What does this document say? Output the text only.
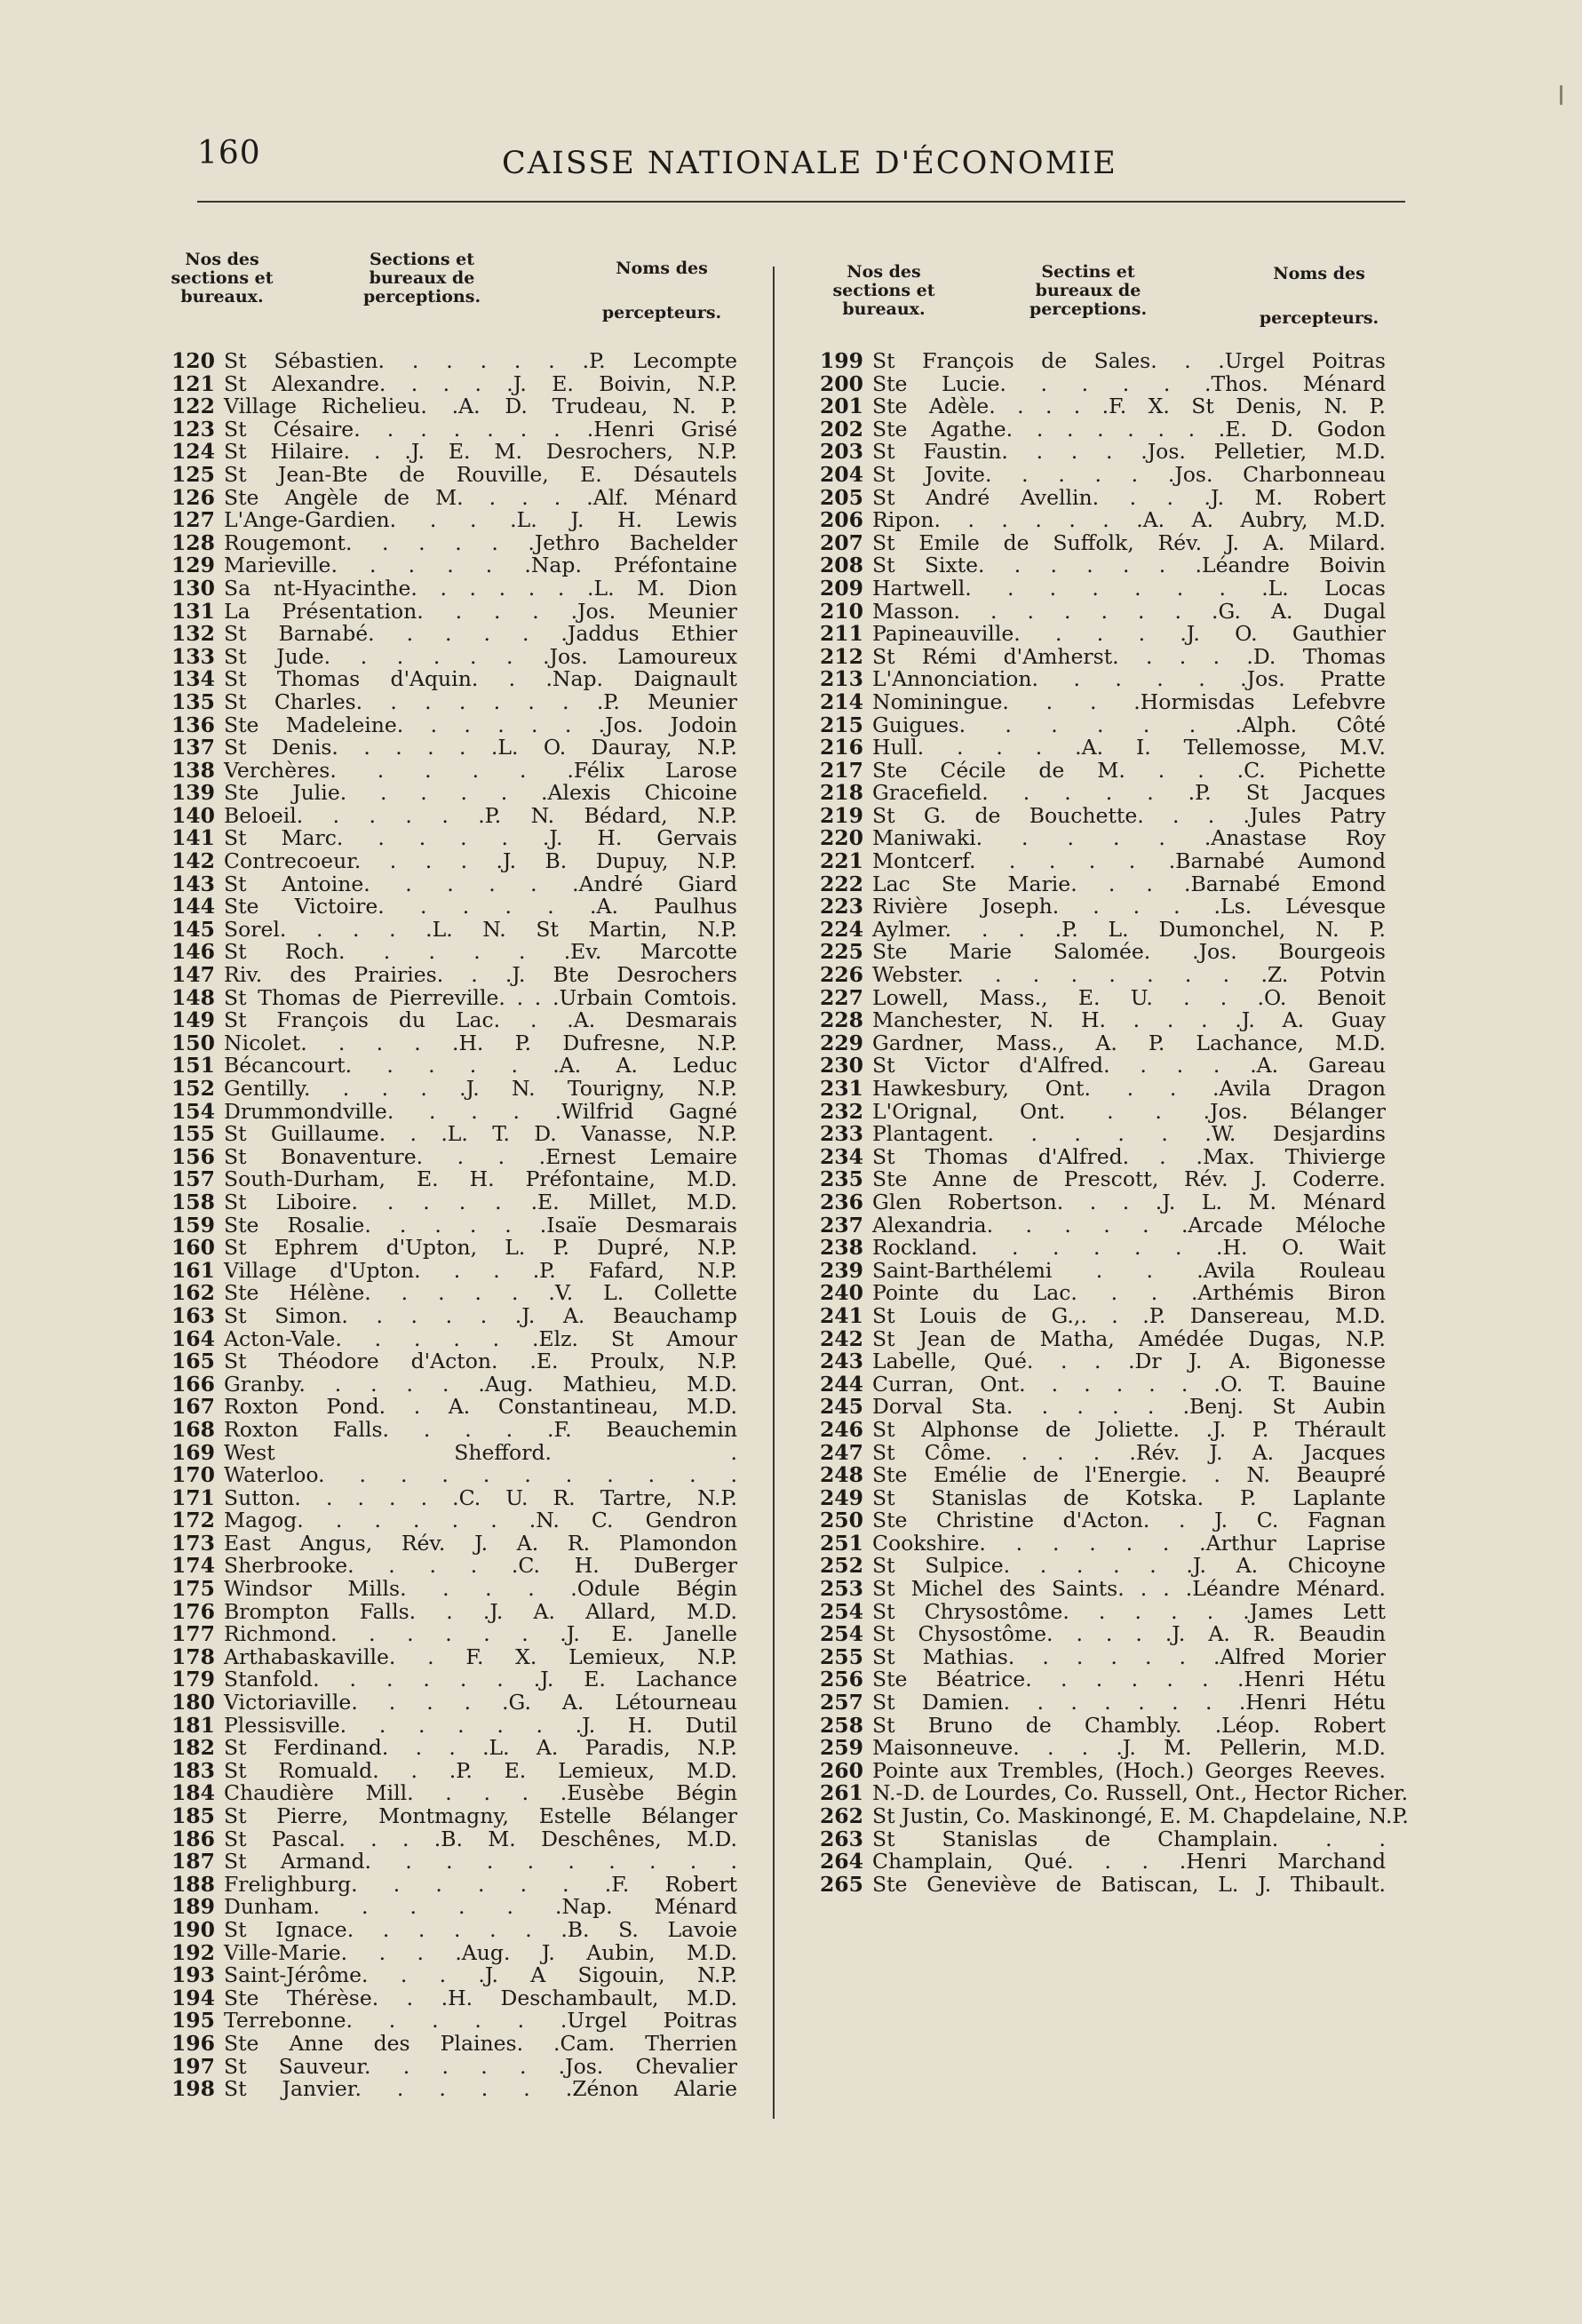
160	CAISSE NATIONALE D'ÉCONOMIE
Nos des sections et bureaux.
Sections et bureaux de perceptions.
Noms des
percepteurs.
120 St Sébastien. . . . . . .P. Lecompte
121 St Alexandre. . . . .J. E. Boivin, N.P.
122 Village Richelieu. .A. D. Trudeau, N. P.
123 St Césaire. . . . . . . .Henri Grisé
124 St Hilaire. . .J. E. M. Desrochers, N.P.
125 St Jean-Bte de Rouville, E. Désautels
126 Ste Angèle de M. . . . .Alf. Ménard
127 L'Ange-Gardien. . . .L. J. H. Lewis
128 Rougemont. . . . . .Jethro Bachelder
129 Marieville. . . . . .Nap. Préfontaine
130 Sa nt-Hyacinthe. . . . . . .L. M. Dion
131 La Présentation. . . . .Jos. Meunier
132 St Barnabé. . . . . .Jaddus Ethier
133 St Jude. . . . . . .Jos. Lamoureux
134 St Thomas d'Aquin. . .Nap. Daignault
135 St Charles. . . . . . . .P. Meunier
136 Ste Madeleine. . . . . . .Jos. Jodoin
137 St Denis. . . . . .L. O. Dauray, N.P.
138 Verchères. . . . . .Félix Larose
139 Ste Julie. . . . . .Alexis Chicoine
140 Beloeil. . . . . .P. N. Bédard, N.P.
141 St Marc. . . . . .J. H. Gervais
142 Contrecoeur. . . . .J. B. Dupuy, N.P.
143 St Antoine. . . . . .André Giard
144 Ste Victoire. . . . . .A. Paulhus
145 Sorel. . . . .L. N. St Martin, N.P.
146 St Roch. . . . . .Ev. Marcotte
147 Riv. des Prairies. . .J. Bte Desrochers
148 St Thomas de Pierreville. . . .Urbain Comtois.
149 St François du Lac. . .A. Desmarais
150 Nicolet. . . . .H. P. Dufresne, N.P.
151 Bécancourt. . . . . .A. A. Leduc
152 Gentilly. . . . .J. N. Tourigny, N.P.
154 Drummondville. . . . .Wilfrid Gagné
155 St Guillaume. . .L. T. D. Vanasse, N.P.
156 St Bonaventure. . . .Ernest Lemaire
157 South-Durham, E. H. Préfontaine, M.D.
158 St Liboire. . . . . .E. Millet, M.D.
159 Ste Rosalie. . . . . .Isaïe Desmarais
160 St Ephrem d'Upton, L. P. Dupré, N.P.
161 Village d'Upton. . . .P. Fafard, N.P.
162 Ste Hélène. . . . . .V. L. Collette
163 St Simon. . . . . .J. A. Beauchamp
164 Acton-Vale. . . . . .Elz. St Amour
165 St Théodore d'Acton. .E. Proulx, N.P.
166 Granby. . . . . .Aug. Mathieu, M.D.
167 Roxton Pond. . A. Constantineau, M.D.
168 Roxton Falls. . . . .F. Beauchemin
169 West Shefford. .
170 Waterloo. . . . . . . . . . .
171 Sutton. . . . . .C. U. R. Tartre, N.P.
172 Magog. . . . . . .N. C. Gendron
173 East Angus, Rév. J. A. R. Plamondon
174 Sherbrooke. . . . .C. H. DuBerger
175 Windsor Mills. . . . .Odule Bégin
176 Brompton Falls. . .J. A. Allard, M.D.
177 Richmond. . . . . . .J. E. Janelle
178 Arthabaskaville. . F. X. Lemieux, N.P.
179 Stanfold. . . . . . .J. E. Lachance
180 Victoriaville. . . . .G. A. Létourneau
181 Plessisville. . . . . . .J. H. Dutil
182 St Ferdinand. . . .L. A. Paradis, N.P.
183 St Romuald. . .P. E. Lemieux, M.D.
184 Chaudière Mill. . . . .Eusèbe Bégin
185 St Pierre, Montmagny, Estelle Bélanger
186 St Pascal. . . .B. M. Deschênes, M.D.
187 St Armand. . . . . . . . . .
188 Frelighburg. . . . . . .F. Robert
189 Dunham. . . . . .Nap. Ménard
190 St Ignace. . . . . . .B. S. Lavoie
192 Ville-Marie. . . .Aug. J. Aubin, M.D.
193 Saint-Jérôme. . . .J. A Sigouin, N.P.
194 Ste Thérèse. . .H. Deschambault, M.D.
195 Terrebonne. . . . . .Urgel Poitras
196 Ste Anne des Plaines. .Cam. Therrien
197 St Sauveur. . . . . .Jos. Chevalier
198 St Janvier. . . . . .Zénon Alarie
Nos des sections et bureaux.
Sectins et bureaux de perceptions.
Noms des
percepteurs.
199 St François de Sales. . .Urgel Poitras
200 Ste Lucie. . . . . .Thos. Ménard
201 Ste Adèle. . . . .F. X. St Denis, N. P.
202 Ste Agathe. . . . . . . .E. D. Godon
203 St Faustin. . . . .Jos. Pelletier, M.D.
204 St Jovite. . . . . .Jos. Charbonneau
205 St André Avellin. . . .J. M. Robert
206 Ripon. . . . . . .A. A. Aubry, M.D.
207 St Emile de Suffolk, Rév. J. A. Milard.
208 St Sixte. . . . . . .Léandre Boivin
209 Hartwell. . . . . . . .L. Locas
210 Masson. . . . . . . .G. A. Dugal
211 Papineauville. . . . .J. O. Gauthier
212 St Rémi d'Amherst. . . . .D. Thomas
213 L'Annonciation. . . . . .Jos. Pratte
214 Nominingue. . . .Hormisdas Lefebvre
215 Guigues. . . . . . .Alph. Côté
216 Hull. . . . .A. I. Tellemosse, M.V.
217 Ste Cécile de M. . . .C. Pichette
218 Gracefield. . . . . .P. St Jacques
219 St G. de Bouchette. . . .Jules Patry
220 Maniwaki. . . . . .Anastase Roy
221 Montcerf. . . . . .Barnabé Aumond
222 Lac Ste Marie. . . .Barnabé Emond
223 Rivière Joseph. . . . .Ls. Lévesque
224 Aylmer. . . .P. L. Dumonchel, N. P.
225 Ste Marie Salomée. .Jos. Bourgeois
226 Webster. . . . . . . . .Z. Potvin
227 Lowell, Mass., E. U. . . .O. Benoit
228 Manchester, N. H. . . . .J. A. Guay
229 Gardner, Mass., A. P. Lachance, M.D.
230 St Victor d'Alfred. . . . .A. Gareau
231 Hawkesbury, Ont. . . .Avila Dragon
232 L'Orignal, Ont. . . .Jos. Bélanger
233 Plantagent. . . . . .W. Desjardins
234 St Thomas d'Alfred. . .Max. Thivierge
235 Ste Anne de Prescott, Rév. J. Coderre.
236 Glen Robertson. . . .J. L. M. Ménard
237 Alexandria. . . . . .Arcade Méloche
238 Rockland. . . . . . .H. O. Wait
239 Saint-Barthélemi . . .Avila Rouleau
240 Pointe du Lac. . . .Arthémis Biron
241 St Louis de G.,. . .P. Dansereau, M.D.
242 St Jean de Matha, Amédée Dugas, N.P.
243 Labelle, Qué. . . .Dr J. A. Bigonesse
244 Curran, Ont. . . . . . .O. T. Bauine
245 Dorval Sta. . . . . .Benj. St Aubin
246 St Alphonse de Joliette. .J. P. Thérault
247 St Côme. . . . .Rév. J. A. Jacques
248 Ste Emélie de l'Energie. . N. Beaupré
249 St Stanislas de Kotska. P. Laplante
250 Ste Christine d'Acton. . J. C. Fagnan
251 Cookshire. . . . . . .Arthur Laprise
252 St Sulpice. . . . . .J. A. Chicoyne
253 St Michel des Saints. . . .Léandre Ménard.
254 St Chrysostôme. . . . . .James Lett
254 St Chysostôme. . . . .J. A. R. Beaudin
255 St Mathias. . . . . . .Alfred Morier
256 Ste Béatrice. . . . . . .Henri Hétu
257 St Damien. . . . . . . .Henri Hétu
258 St Bruno de Chambly. .Léop. Robert
259 Maisonneuve. . . .J. M. Pellerin, M.D.
260 Pointe aux Trembles, (Hoch.) Georges Reeves.
261 N.-D. de Lourdes, Co. Russell, Ont., Hector Richer.
262 St Justin, Co. Maskinongé, E. M. Chapdelaine, N.P.
263 St Stanislas de Champlain. . .
264 Champlain, Qué. . . .Henri Marchand
265 Ste Geneviève de Batiscan, L. J. Thibault.
